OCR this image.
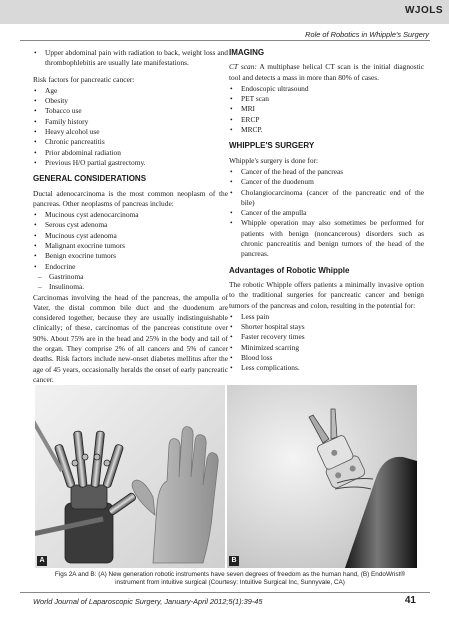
WJOLS
Role of Robotics in Whipple's Surgery
• Upper abdominal pain with radiation to back, weight loss and thrombophlebitis are usually late manifestations.

Risk factors for pancreatic cancer:

• Age
• Obesity
• Tobacco use
• Family history
• Heavy alcohol use
• Chronic pancreatitis
• Prior abdominal radiation
• Previous H/O partial gastrectomy.
GENERAL CONSIDERATIONS

Ductal adenocarcinoma is the most common neoplasm of the pancreas. Other neoplasms of pancreas include:

• Mucinous cyst adenocarcinoma
• Serous cyst adenoma
• Mucinous cyst adenoma
• Malignant exocrine tumors
• Benign exocrine tumors
• Endocrine
– Gastrinoma
– Insulinoma.

Carcinomas involving the head of the pancreas, the ampulla of Vater, the distal common bile duct and the duodenum are considered together, because they are usually indistinguishable clinically; of these, carcinomas of the pancreas constitute over 90%. About 75% are in the head and 25% in the body and tail of the organ. They comprise 2% of all cancers and 5% of cancer deaths. Risk factors include new-onset diabetes mellitus after the age of 45 years, occasionally heralds the onset of early pancreatic cancer.

IMAGING

CT scan: A multiphase helical CT scan is the initial diagnostic tool and detects a mass in more than 80% of cases.

• Endoscopic ultrasound
• PET scan
• MRI
• ERCP
• MRCP.
WHIPPLE'S SURGERY

Whipple's surgery is done for:

• Cancer of the head of the pancreas
• Cancer of the duodenum
• Cholangiocarcinoma (cancer of the pancreatic end of the bile)
• Cancer of the ampulla
• Whipple operation may also sometimes be performed for patients with benign (noncancerous) disorders such as chronic pancreatitis and benign tumors of the head of the pancreas.
Advantages of Robotic Whipple

The robotic Whipple offers patients a minimally invasive option to the traditional surgeries for pancreatic cancer and benign tumors of the pancreas and colon, resulting in the potential for:

• Less pain
• Shorter hospital stays
• Faster recovery times
• Minimized scarring
• Blood loss
• Less complications.
A	B
Figs 2A and B: (A) New generation robotic instruments have seven degrees of freedom as the human hand, (B) EndoWrist® instrument from intuitive surgical (Courtesy: Intuitive Surgical Inc, Sunnyvale, CA)
World Journal of Laparoscopic Surgery, January-April 2012;5(1):39-45	41
